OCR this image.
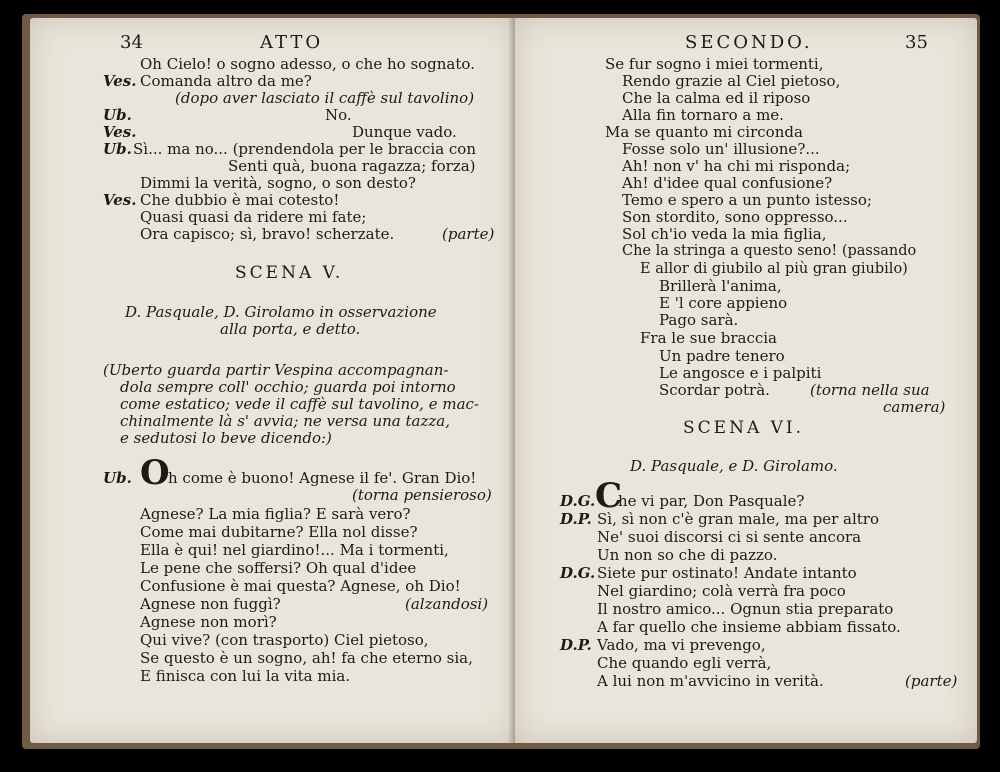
34	ATTO
Oh Cielo! o sogno adesso, o che ho sognato.
Ves. Comanda altro da me?
(dopo aver lasciato il caffè sul tavolino)
Ub.	No.
Ves.	Dunque vado.
Ub. Sì... ma no... (prendendola per le braccia con
Senti quà, buona ragazza; forza)
Dimmi la verità, sogno, o son desto?
Ves. Che dubbio è mai cotesto!
Quasi quasi da ridere mi fate;
Ora capisco; sì, bravo! scherzate.	(parte)
SCENA V.
D. Pasquale, D. Girolamo in osservazione
alla porta, e detto.
(Uberto guarda partir Vespina accompagnan-
dola sempre coll' occhio; guarda poi intorno
come estatico; vede il caffè sul tavolino, e mac-
chinalmente là s' avvia; ne versa una tazza,
e sedutosi lo beve dicendo:)
Ub. O
h come è buono! Agnese il fe'. Gran Dio!
(torna pensieroso)
Agnese? La mia figlia? E sarà vero?
Come mai dubitarne? Ella nol disse?
Ella è qui! nel giardino!... Ma i tormenti,
Le pene che soffersi? Oh qual d'idee
Confusione è mai questa? Agnese, oh Dio!
Agnese non fuggì?	(alzandosi)
Agnese non morì?
Qui vive? (con trasporto) Ciel pietoso,
Se questo è un sogno, ah! fa che eterno sia,
E finisca con lui la vita mia.
SECONDO.	35
Se fur sogno i miei tormenti,
Rendo grazie al Ciel pietoso,
Che la calma ed il riposo
Alla fin tornaro a me.
Ma se quanto mi circonda
Fosse solo un' illusione?...
Ah! non v' ha chi mi risponda;
Ah! d'idee qual confusione?
Temo e spero a un punto istesso;
Son stordito, sono oppresso...
Sol ch'io veda la mia figlia,
Che la stringa a questo seno! (passando
E allor di giubilo al più gran giubilo)
Brillerà l'anima,
E 'l core appieno
Pago sarà.
Fra le sue braccia
Un padre tenero
Le angosce e i palpiti
Scordar potrà.	(torna nella sua
camera)
SCENA VI.
D. Pasquale, e D. Girolamo.
D.G. C
he vi par, Don Pasquale?
D.P. Sì, sì non c'è gran male, ma per altro
Ne' suoi discorsi ci si sente ancora
Un non so che di pazzo.
D.G. Siete pur ostinato! Andate intanto
Nel giardino; colà verrà fra poco
Il nostro amico... Ognun stia preparato
A far quello che insieme abbiam fissato.
D.P. Vado, ma vi prevengo,
Che quando egli verrà,
A lui non m'avvicino in verità.	(parte)
